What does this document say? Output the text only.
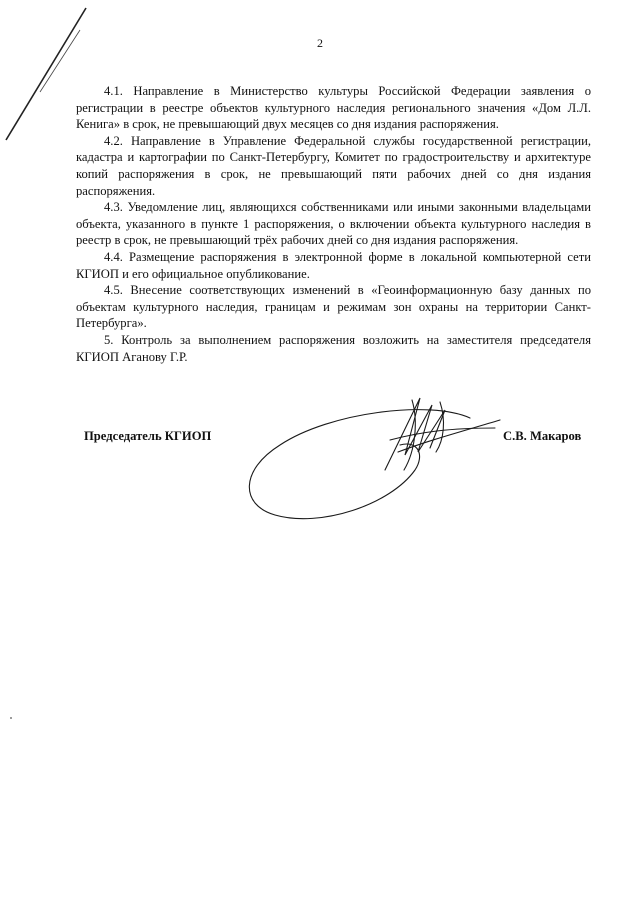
2

4.1. Направление в Министерство культуры Российской Федерации заявления о регистрации в реестре объектов культурного наследия регионального значения «Дом Л.Л. Кенига» в срок, не превышающий двух месяцев со дня издания распоряжения.

4.2. Направление в Управление Федеральной службы государственной регистрации, кадастра и картографии по Санкт-Петербургу, Комитет по градостроительству и архитектуре копий распоряжения в срок, не превышающий пяти рабочих дней со дня издания распоряжения.

4.3. Уведомление лиц, являющихся собственниками или иными законными владельцами объекта, указанного в пункте 1 распоряжения, о включении объекта культурного наследия в реестр в срок, не превышающий трёх рабочих дней со дня издания распоряжения.

4.4. Размещение распоряжения в электронной форме в локальной компьютерной сети КГИОП и его официальное опубликование.

4.5. Внесение соответствующих изменений в «Геоинформационную базу данных по объектам культурного наследия, границам и режимам зон охраны на территории Санкт-Петербурга».

5. Контроль за выполнением распоряжения возложить на заместителя председателя КГИОП Аганову Г.Р.

Председатель КГИОП	С.В. Макаров
